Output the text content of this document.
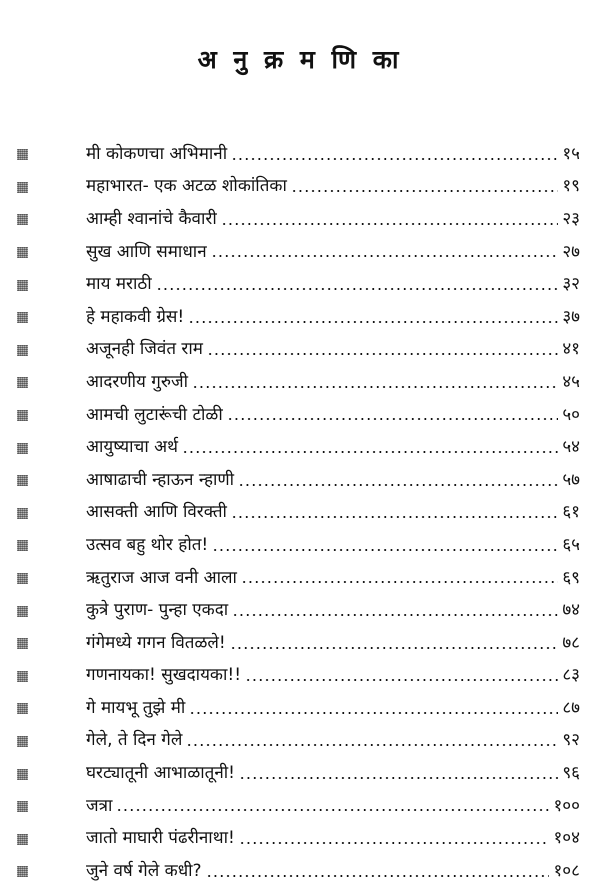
अ नु क्र म णि का
मी कोकणचा अभिमानी	१५
महाभारत- एक अटळ शोकांतिका	१९
आम्ही श्वानांचे कैवारी	२३
सुख आणि समाधान	२७
माय मराठी	३२
हे महाकवी ग्रेस!	३७
अजूनही जिवंत राम	४१
आदरणीय गुरुजी	४५
आमची लुटारूंची टोळी	५०
आयुष्याचा अर्थ	५४
आषाढाची न्हाऊन न्हाणी	५७
आसक्ती आणि विरक्ती	६१
उत्सव बहु थोर होत!	६५
ऋतुराज आज वनी आला	६९
कुत्रे पुराण- पुन्हा एकदा	७४
गंगेमध्ये गगन वितळले!	७८
गणनायका! सुखदायका!!	८३
गे मायभू तुझे मी	८७
गेले, ते दिन गेले	९२
घरट्यातूनी आभाळातूनी!	९६
जत्रा	१००
जातो माघारी पंढरीनाथा!	१०४
जुने वर्ष गेले कधी?	१०८
